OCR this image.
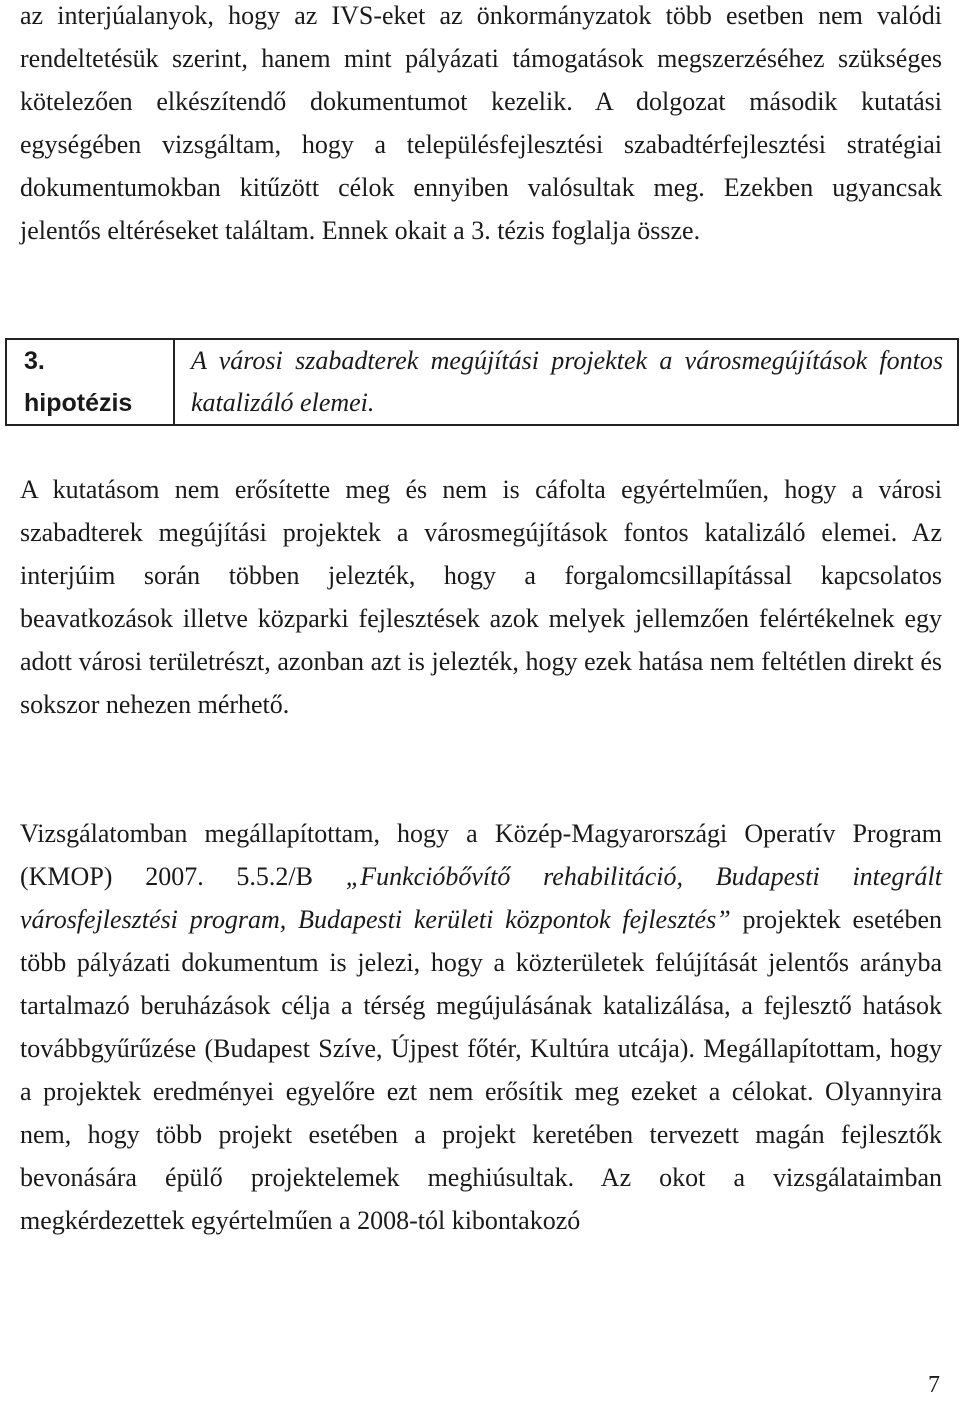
az interjúalanyok, hogy az IVS-eket az önkormányzatok több esetben nem valódi rendeltetésük szerint, hanem mint pályázati támogatások megszerzéséhez szükséges kötelezően elkészítendő dokumentumot kezelik. A dolgozat második kutatási egységében vizsgáltam, hogy a településfejlesztési szabadtérfejlesztési stratégiai dokumentumokban kitűzött célok ennyiben valósultak meg. Ezekben ugyancsak jelentős eltéréseket találtam. Ennek okait a 3. tézis foglalja össze.

3.
hipotézis
A városi szabadterek megújítási projektek a városmegújítások fontos katalizáló elemei.

A kutatásom nem erősítette meg és nem is cáfolta egyértelműen, hogy a városi szabadterek megújítási projektek a városmegújítások fontos katalizáló elemei. Az interjúim során többen jelezték, hogy a forgalomcsillapítással kapcsolatos beavatkozások illetve közparki fejlesztések azok melyek jellemzően felértékelnek egy adott városi területrészt, azonban azt is jelezték, hogy ezek hatása nem feltétlen direkt és sokszor nehezen mérhető.

Vizsgálatomban megállapítottam, hogy a Közép-Magyarországi Operatív Program (KMOP) 2007. 5.5.2/B „Funkcióbővítő rehabilitáció, Budapesti integrált városfejlesztési program, Budapesti kerületi központok fejlesztés” projektek esetében több pályázati dokumentum is jelezi, hogy a közterületek felújítását jelentős arányba tartalmazó beruházások célja a térség megújulásának katalizálása, a fejlesztő hatások továbbgyűrűzése (Budapest Szíve, Újpest főtér, Kultúra utcája). Megállapítottam, hogy a projektek eredményei egyelőre ezt nem erősítik meg ezeket a célokat. Olyannyira nem, hogy több projekt esetében a projekt keretében tervezett magán fejlesztők bevonására épülő projektelemek meghiúsultak. Az okot a vizsgálataimban megkérdezettek egyértelműen a 2008-tól kibontakozó

7
